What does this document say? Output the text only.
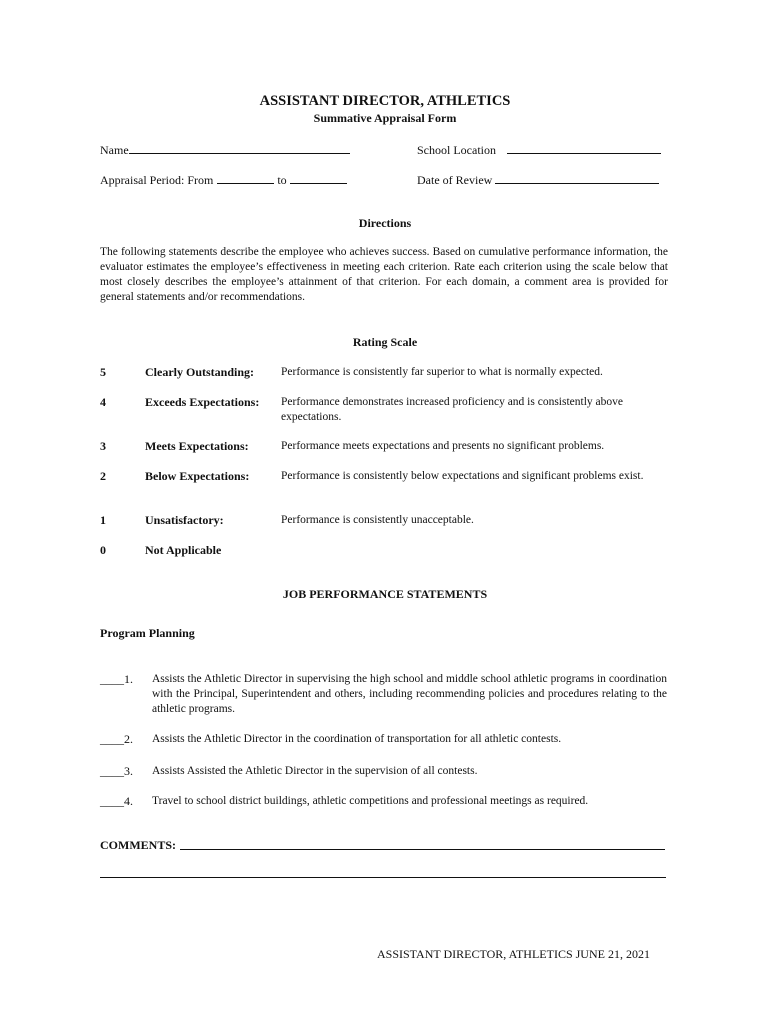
ASSISTANT DIRECTOR, ATHLETICS
Summative Appraisal Form
Name	School Location
Appraisal Period: From	to	Date of Review
Directions
The following statements describe the employee who achieves success. Based on cumulative performance information, the evaluator estimates the employee’s effectiveness in meeting each criterion. Rate each criterion using the scale below that most closely describes the employee’s attainment of that criterion. For each domain, a comment area is provided for general statements and/or recommendations.
Rating Scale
5	Clearly Outstanding: Performance is consistently far superior to what is normally expected.
4	Exceeds Expectations: Performance demonstrates increased proficiency and is consistently above expectations.
3	Meets Expectations:	Performance meets expectations and presents no significant problems.
2	Below Expectations:	Performance is consistently below expectations and significant problems exist.
1	Unsatisfactory:	Performance is consistently unacceptable.
0	Not Applicable
JOB PERFORMANCE STATEMENTS
Program Planning
____1. Assists the Athletic Director in supervising the high school and middle school athletic programs in coordination with the Principal, Superintendent and others, including recommending policies and procedures relating to the athletic programs.
____2. Assists the Athletic Director in the coordination of transportation for all athletic contests.
____3. Assists Assisted the Athletic Director in the supervision of all contests.
____4. Travel to school district buildings, athletic competitions and professional meetings as required.
COMMENTS:
ASSISTANT DIRECTOR, ATHLETICS JUNE 21, 2021
